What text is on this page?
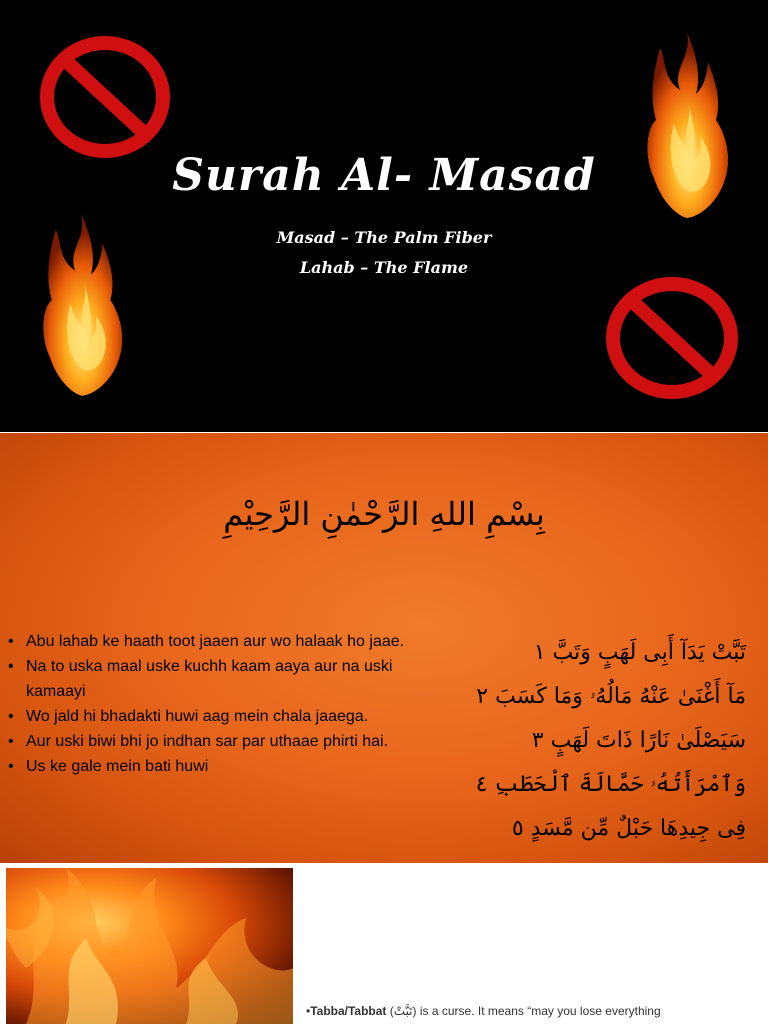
Surah Al- Masad
Masad – The Palm Fiber
Lahab – The Flame
بِسْمِ اللهِ الرَّحْمٰنِ الرَّحِيْمِ
• Abu lahab ke haath toot jaaen aur wo halaak ho jaae.
• Na to uska maal uske kuchh kaam aaya aur na uski kamaayi
• Wo jald hi bhadakti huwi aag mein chala jaaega.
• Aur uski biwi bhi jo indhan sar par uthaae phirti hai.
• Us ke gale mein bati huwi
تَبَّتْ يَدَآ أَبِى لَهَبٍ وَتَبَّ ١
مَآ أَغْنَىٰ عَنْهُ مَالُهُۥ وَمَا كَسَبَ ٢
سَيَصْلَىٰ نَارًا ذَاتَ لَهَبٍ ٣
وَٱمْرَأَتُهُۥ حَمَّالَةَ ٱلْحَطَبِ ٤
فِى جِيدِهَا حَبْلٌ مِّن مَّسَدٍ ٥
•Tabba/Tabbat (تَبَّتْ) is a curse. It means “may you lose everything
